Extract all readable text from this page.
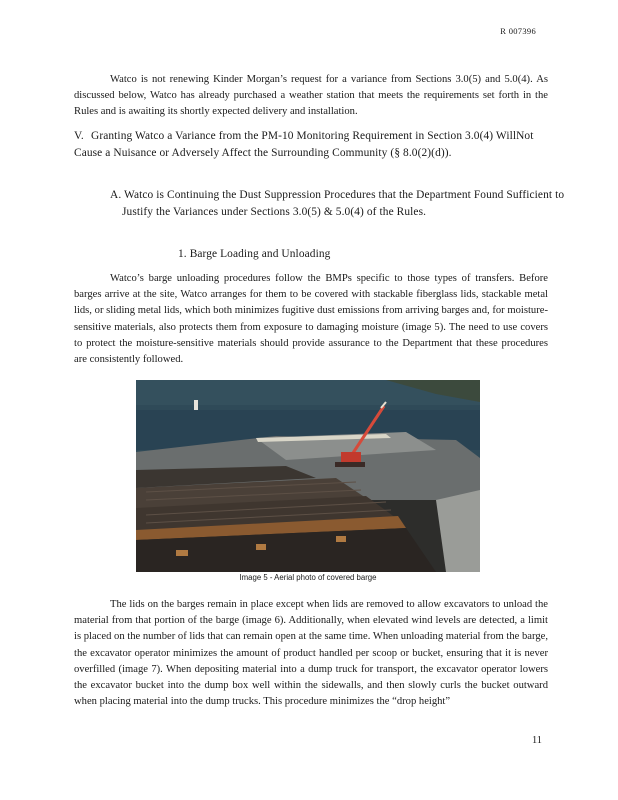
R 007396

Watco is not renewing Kinder Morgan’s request for a variance from Sections 3.0(5) and 5.0(4). As discussed below, Watco has already purchased a weather station that meets the requirements set forth in the Rules and is awaiting its shortly expected delivery and installation.

V. Granting Watco a Variance from the PM-10 Monitoring Requirement in Section 3.0(4) WillNot Cause a Nuisance or Adversely Affect the Surrounding Community (§ 8.0(2)(d)).
A. Watco is Continuing the Dust Suppression Procedures that the Department Found Sufficient to Justify the Variances under Sections 3.0(5) & 5.0(4) of the Rules.
1. Barge Loading and Unloading

Watco’s barge unloading procedures follow the BMPs specific to those types of transfers. Before barges arrive at the site, Watco arranges for them to be covered with stackable fiberglass lids, stackable metal lids, or sliding metal lids, which both minimizes fugitive dust emissions from arriving barges and, for moisture-sensitive materials, also protects them from exposure to damaging moisture (image 5). The need to use covers to protect the moisture-sensitive materials should provide assurance to the Department that these procedures are consistently followed.

Image 5 - Aerial photo of covered barge

The lids on the barges remain in place except when lids are removed to allow excavators to unload the material from that portion of the barge (image 6). Additionally, when elevated wind levels are detected, a limit is placed on the number of lids that can remain open at the same time. When unloading material from the barge, the excavator operator minimizes the amount of product handled per scoop or bucket, ensuring that it is never overfilled (image 7). When depositing material into a dump truck for transport, the excavator operator lowers the excavator bucket into the dump box well within the sidewalls, and then slowly curls the bucket outward when placing material into the dump trucks. This procedure minimizes the “drop height”

11
